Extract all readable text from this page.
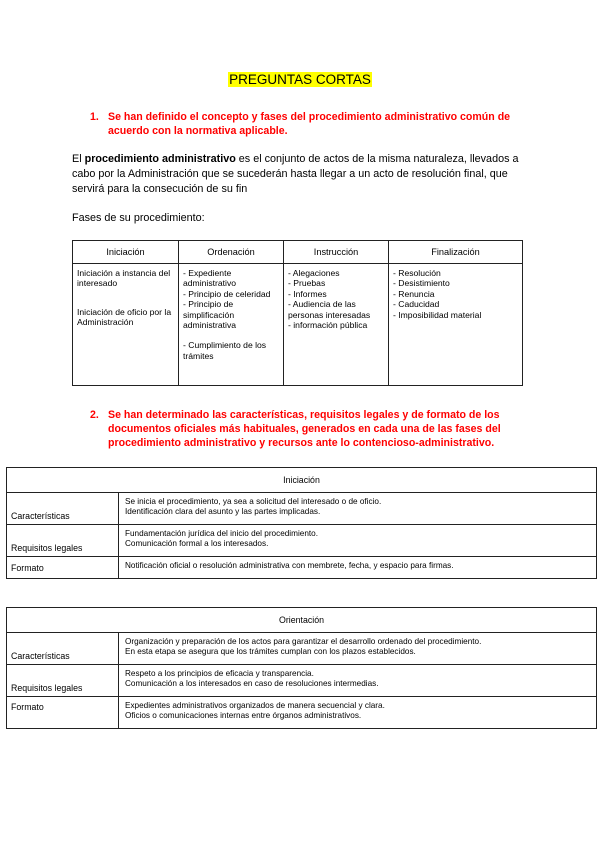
PREGUNTAS CORTAS
1. Se han definido el concepto y fases del procedimiento administrativo común de acuerdo con la normativa aplicable.
El procedimiento administrativo es el conjunto de actos de la misma naturaleza, llevados a cabo por la Administración que se sucederán hasta llegar a un acto de resolución final, que servirá para la consecución de su fin
Fases de su procedimiento:
Iniciación	Ordenación	Instrucción	Finalización

Iniciación a instancia del interesado
Iniciación de oficio por la Administración

- Expediente administrativo
- Principio de celeridad
- Principio de simplificación administrativa
- Cumplimiento de los trámites

- Alegaciones
- Pruebas
- Informes
- Audiencia de las personas interesadas
- información pública

- Resolución
- Desistimiento
- Renuncia
- Caducidad
- Imposibilidad material
2. Se han determinado las características, requisitos legales y de formato de los documentos oficiales más habituales, generados en cada una de las fases del procedimiento administrativo y recursos ante lo contencioso-administrativo.
Iniciación	
Características	Se inicia el procedimiento, ya sea a solicitud del interesado o de oficio.
Identificación clara del asunto y las partes implicadas.

Requisitos legales	Fundamentación jurídica del inicio del procedimiento.
Comunicación formal a los interesados.

Formato	Notificación oficial o resolución administrativa con membrete, fecha, y espacio para firmas.
Orientación	
Características	Organización y preparación de los actos para garantizar el desarrollo ordenado del procedimiento.
En esta etapa se asegura que los trámites cumplan con los plazos establecidos.

Requisitos legales	Respeto a los principios de eficacia y transparencia.
Comunicación a los interesados en caso de resoluciones intermedias.

Formato	Expedientes administrativos organizados de manera secuencial y clara.
Oficios o comunicaciones internas entre órganos administrativos.
